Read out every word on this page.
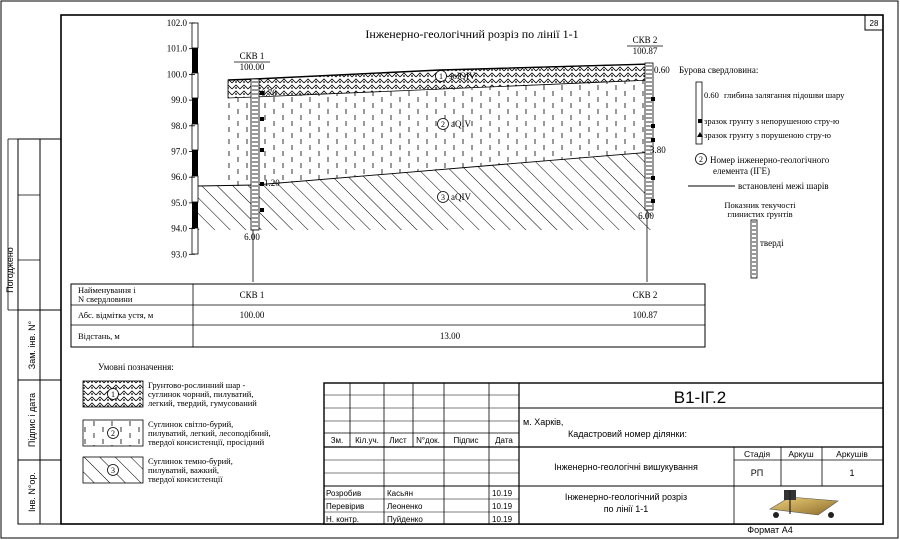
28
Погоджено
Зам. інв. N°
Підпис і дата
Інв. N°ор.
Інженерно-геологічний розріз по лінії 1-1
102.0
101.0
100.0
99.0
98.0
97.0
96.0
95.0
94.0
93.0
СКВ 1
100.00
0.70
1.20
6.00
СКВ 2
100.87
0.60
3.80
6.00
1 solQIV
2 aQIV
3 aQIV
Бурова свердловина:
0.60 глибина залягання підошви шару
зразок грунту з непорушеною стру-ю
зразок грунту з порушеною стру-ю
2 Номер інженерно-геологічного
елемента (ІГЕ)
встановлені межі шарів
Показник текучості
глинистих ґрунтів
тверді
Найменування і
N свердловини	СКВ 1	СКВ 2
Абс. відмітка устя, м	100.00	100.87
Відстань, м	13.00
Умовні позначення:
1
Грунтово-рослинний шар -
суглинок чорний, пилуватий,
легкий, твердий, гумусований
2
Суглинок світло-бурий,
пилуватий, легкий, лесоподібний,
твердої консистенції, просідний
3
Суглинок темно-бурий,
пилуватий, важкий,
твердої консистенції
Зм. Кіл.уч. Лист N°док. Підпис Дата
Розробив	Касьян	10.19
Перевірив	Леоненко	10.19
Н. контр.	Пуйденко	10.19
В1-ІГ.2
м. Харків,
Кадастровий номер ділянки:
Інженерно-геологічні вишукування
Інженерно-геологічний розріз
по лінії 1-1
Стадія Аркуш	Аркушів
РП	1
Формат А4
